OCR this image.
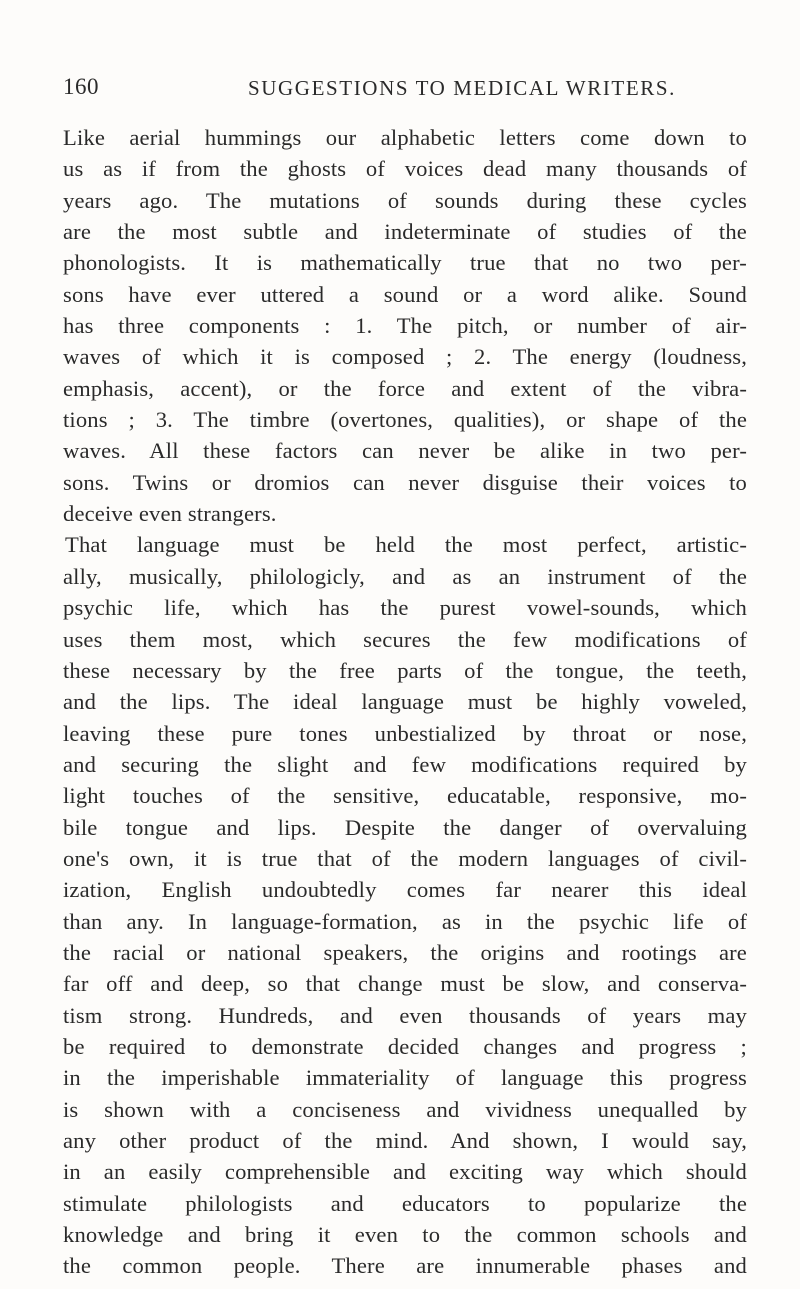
160	SUGGESTIONS TO MEDICAL WRITERS.
Like aerial hummings our alphabetic letters come down to
us as if from the ghosts of voices dead many thousands of
years ago. The mutations of sounds during these cycles
are the most subtle and indeterminate of studies of the
phonologists. It is mathematically true that no two per-
sons have ever uttered a sound or a word alike. Sound
has three components : 1. The pitch, or number of air-
waves of which it is composed ; 2. The energy (loudness,
emphasis, accent), or the force and extent of the vibra-
tions ; 3. The timbre (overtones, qualities), or shape of the
waves. All these factors can never be alike in two per-
sons. Twins or dromios can never disguise their voices to
deceive even strangers.
That language must be held the most perfect, artistic-
ally, musically, philologicly, and as an instrument of the
psychic life, which has the purest vowel-sounds, which
uses them most, which secures the few modifications of
these necessary by the free parts of the tongue, the teeth,
and the lips. The ideal language must be highly voweled,
leaving these pure tones unbestialized by throat or nose,
and securing the slight and few modifications required by
light touches of the sensitive, educatable, responsive, mo-
bile tongue and lips. Despite the danger of overvaluing
one's own, it is true that of the modern languages of civil-
ization, English undoubtedly comes far nearer this ideal
than any. In language-formation, as in the psychic life of
the racial or national speakers, the origins and rootings are
far off and deep, so that change must be slow, and conserva-
tism strong. Hundreds, and even thousands of years may
be required to demonstrate decided changes and progress ;
in the imperishable immateriality of language this progress
is shown with a conciseness and vividness unequalled by
any other product of the mind. And shown, I would say,
in an easily comprehensible and exciting way which should
stimulate philologists and educators to popularize the
knowledge and bring it even to the common schools and
the common people. There are innumerable phases and
